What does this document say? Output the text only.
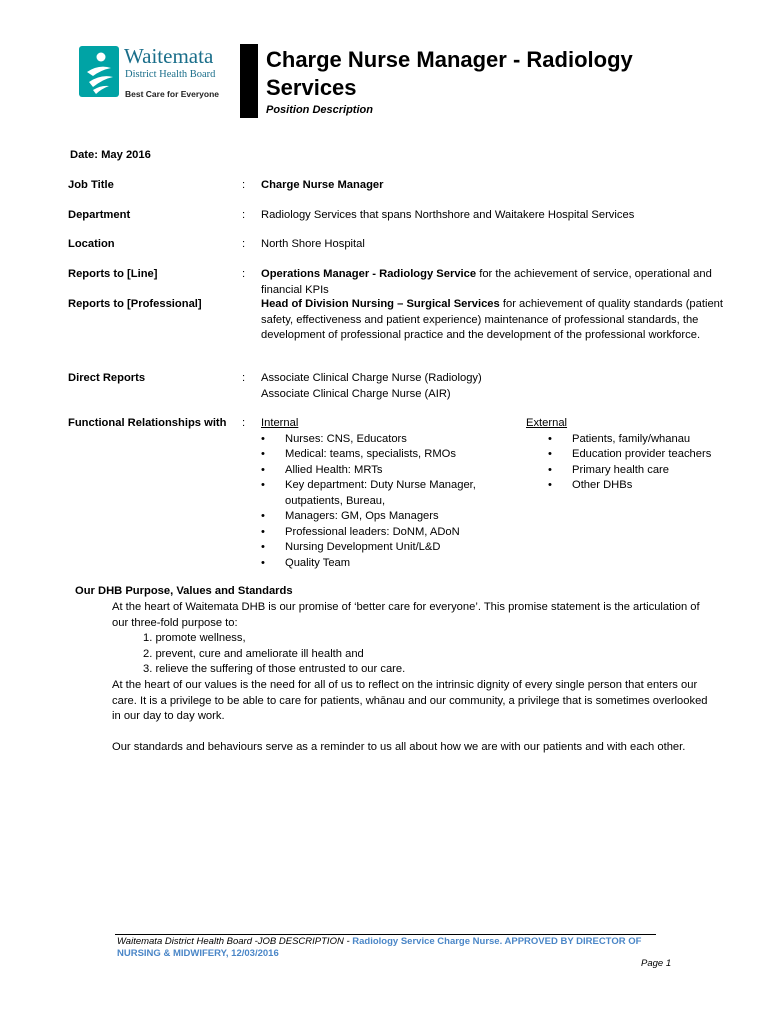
Waitemata
District Health Board
Best Care for Everyone
Charge Nurse Manager - Radiology Services
Position Description
Date: May 2016
Job Title	: Charge Nurse Manager
Department	: Radiology Services that spans Northshore and Waitakere Hospital Services
Location	: North Shore Hospital
Reports to [Line]	: Operations Manager - Radiology Service for the achievement of service, operational and financial KPIs
Reports to [Professional]	Head of Division Nursing – Surgical Services for achievement of quality standards (patient safety, effectiveness and patient experience) maintenance of professional standards, the development of professional practice and the development of the professional workforce.
Direct Reports	: Associate Clinical Charge Nurse (Radiology)
Associate Clinical Charge Nurse (AIR)
Functional Relationships with : Internal
• Nurses: CNS, Educators
• Medical: teams, specialists, RMOs
• Allied Health: MRTs
• Key department: Duty Nurse Manager, outpatients, Bureau,
• Managers: GM, Ops Managers
• Professional leaders: DoNM, ADoN
• Nursing Development Unit/L&D
• Quality Team
External
• Patients, family/whanau
• Education provider teachers
• Primary health care
• Other DHBs
Our DHB Purpose, Values and Standards
At the heart of Waitemata DHB is our promise of ‘better care for everyone’. This promise statement is the articulation of our three-fold purpose to:
1. promote wellness,
2. prevent, cure and ameliorate ill health and
3. relieve the suffering of those entrusted to our care.
At the heart of our values is the need for all of us to reflect on the intrinsic dignity of every single person that enters our care. It is a privilege to be able to care for patients, whānau and our community, a privilege that is sometimes overlooked in our day to day work.
Our standards and behaviours serve as a reminder to us all about how we are with our patients and with each other.
Waitemata District Health Board -JOB DESCRIPTION - Radiology Service Charge Nurse. APPROVED BY DIRECTOR OF NURSING & MIDWIFERY, 12/03/2016
Page 1
